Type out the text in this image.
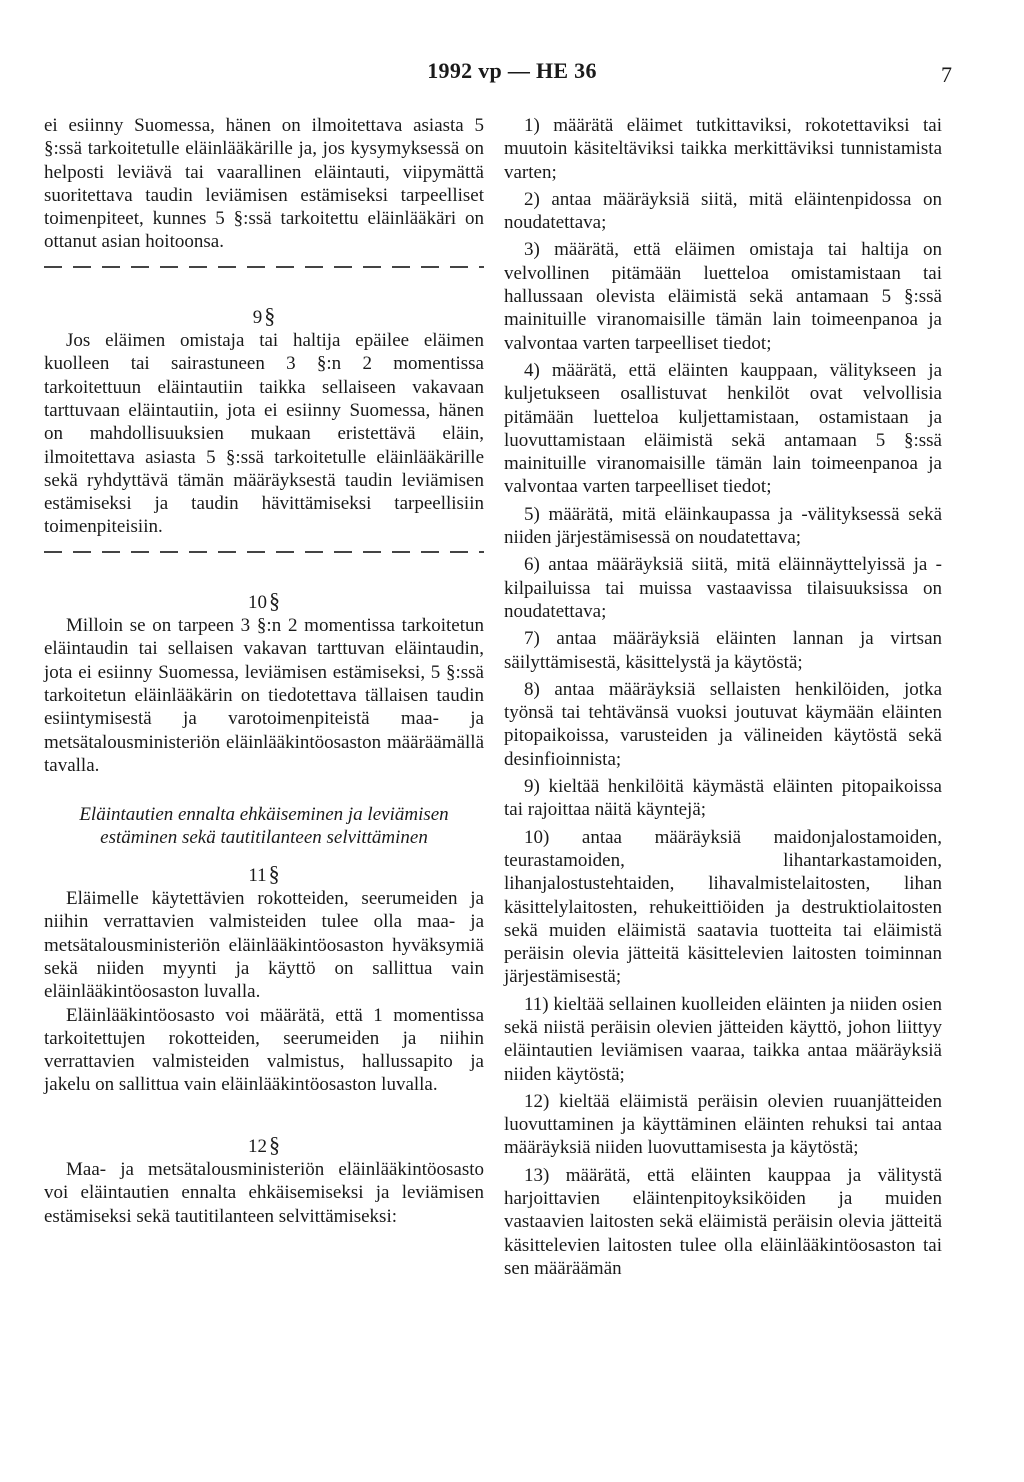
1992 vp — HE 36	7

ei esiinny Suomessa, hänen on ilmoitettava asiasta 5 §:ssä tarkoitetulle eläinlääkärille ja, jos kysymyksessä on helposti leviävä tai vaarallinen eläintauti, viipymättä suoritettava taudin leviämisen estämiseksi tarpeelliset toimenpiteet, kunnes 5 §:ssä tarkoitettu eläinlääkäri on ottanut asian hoitoonsa.

9§

Jos eläimen omistaja tai haltija epäilee eläimen kuolleen tai sairastuneen 3 §:n 2 momentissa tarkoitettuun eläintautiin taikka sellaiseen vakavaan tarttuvaan eläintautiin, jota ei esiinny Suomessa, hänen on mahdollisuuksien mukaan eristettävä eläin, ilmoitettava asiasta 5 §:ssä tarkoitetulle eläinlääkärille sekä ryhdyttävä tämän määräyksestä taudin leviämisen estämiseksi ja taudin hävittämiseksi tarpeellisiin toimenpiteisiin.

10§

Milloin se on tarpeen 3 §:n 2 momentissa tarkoitetun eläintaudin tai sellaisen vakavan tarttuvan eläintaudin, jota ei esiinny Suomessa, leviämisen estämiseksi, 5 §:ssä tarkoitetun eläinlääkärin on tiedotettava tällaisen taudin esiintymisestä ja varotoimenpiteistä maa- ja metsätalousministeriön eläinlääkintöosaston määräämällä tavalla.

Eläintautien ennalta ehkäiseminen ja leviämisen estäminen sekä tautitilanteen selvittäminen
11§

Eläimelle käytettävien rokotteiden, seerumeiden ja niihin verrattavien valmisteiden tulee olla maa- ja metsätalousministeriön eläinlääkintöosaston hyväksymiä sekä niiden myynti ja käyttö on sallittua vain eläinlääkintöosaston luvalla.

Eläinlääkintöosasto voi määrätä, että 1 momentissa tarkoitettujen rokotteiden, seerumeiden ja niihin verrattavien valmisteiden valmistus, hallussapito ja jakelu on sallittua vain eläinlääkintöosaston luvalla.

12§

Maa- ja metsätalousministeriön eläinlääkintöosasto voi eläintautien ennalta ehkäisemiseksi ja leviämisen estämiseksi sekä tautitilanteen selvittämiseksi:

1) määrätä eläimet tutkittaviksi, rokotettaviksi tai muutoin käsiteltäviksi taikka merkittäviksi tunnistamista varten;

2) antaa määräyksiä siitä, mitä eläintenpidossa on noudatettava;

3) määrätä, että eläimen omistaja tai haltija on velvollinen pitämään luetteloa omistamistaan tai hallussaan olevista eläimistä sekä antamaan 5 §:ssä mainituille viranomaisille tämän lain toimeenpanoa ja valvontaa varten tarpeelliset tiedot;

4) määrätä, että eläinten kauppaan, välitykseen ja kuljetukseen osallistuvat henkilöt ovat velvollisia pitämään luetteloa kuljettamistaan, ostamistaan ja luovuttamistaan eläimistä sekä antamaan 5 §:ssä mainituille viranomaisille tämän lain toimeenpanoa ja valvontaa varten tarpeelliset tiedot;

5) määrätä, mitä eläinkaupassa ja -välityksessä sekä niiden järjestämisessä on noudatettava;

6) antaa määräyksiä siitä, mitä eläinnäyttelyissä ja -kilpailuissa tai muissa vastaavissa tilaisuuksissa on noudatettava;

7) antaa määräyksiä eläinten lannan ja virtsan säilyttämisestä, käsittelystä ja käytöstä;

8) antaa määräyksiä sellaisten henkilöiden, jotka työnsä tai tehtävänsä vuoksi joutuvat käymään eläinten pitopaikoissa, varusteiden ja välineiden käytöstä sekä desinfioinnista;

9) kieltää henkilöitä käymästä eläinten pitopaikoissa tai rajoittaa näitä käyntejä;

10) antaa määräyksiä maidonjalostamoiden, teurastamoiden, lihantarkastamoiden, lihanjalostustehtaiden, lihavalmistelaitosten, lihan käsittelylaitosten, rehukeittiöiden ja destruktiolaitosten sekä muiden eläimistä saatavia tuotteita tai eläimistä peräisin olevia jätteitä käsittelevien laitosten toiminnan järjestämisestä;

11) kieltää sellainen kuolleiden eläinten ja niiden osien sekä niistä peräisin olevien jätteiden käyttö, johon liittyy eläintautien leviämisen vaaraa, taikka antaa määräyksiä niiden käytöstä;

12) kieltää eläimistä peräisin olevien ruuanjätteiden luovuttaminen ja käyttäminen eläinten rehuksi tai antaa määräyksiä niiden luovuttamisesta ja käytöstä;

13) määrätä, että eläinten kauppaa ja välitystä harjoittavien eläintenpitoyksiköiden ja muiden vastaavien laitosten sekä eläimistä peräisin olevia jätteitä käsittelevien laitosten tulee olla eläinlääkintöosaston tai sen määräämän
